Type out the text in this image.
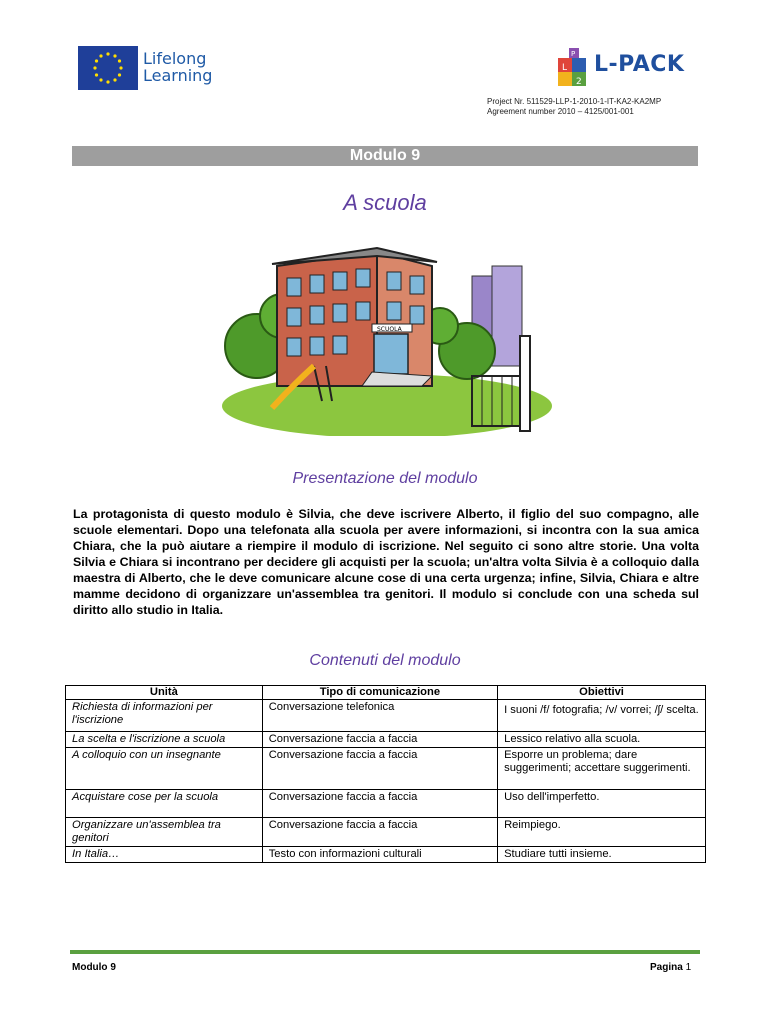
Lifelong
Learning	L
2
P L-PACK
Project Nr. 511529-LLP-1-2010-1-IT-KA2-KA2MP
Agreement number 2010 – 4125/001-001
Modulo 9
A scuola
SCUOLA
Presentazione del modulo
La protagonista di questo modulo è Silvia, che deve iscrivere Alberto, il figlio del suo compagno, alle scuole elementari. Dopo una telefonata alla scuola per avere informazioni, si incontra con la sua amica Chiara, che la può aiutare a riempire il modulo di iscrizione. Nel seguito ci sono altre storie. Una volta Silvia e Chiara si incontrano per decidere gli acquisti per la scuola; un'altra volta Silvia è a colloquio dalla maestra di Alberto, che le deve comunicare alcune cose di una certa urgenza; infine, Silvia, Chiara e altre mamme decidono di organizzare un'assemblea tra genitori. Il modulo si conclude con una scheda sul diritto allo studio in Italia.
Contenuti del modulo
Unità	Tipo di comunicazione	Obiettivi
Richiesta di informazioni per l'iscrizione	Conversazione telefonica	I suoni /f/ fotografia; /v/ vorrei; /ʃ/ scelta.
La scelta e l'iscrizione a scuola	Conversazione faccia a faccia	Lessico relativo alla scuola.
A colloquio con un insegnante	Conversazione faccia a faccia	Esporre un problema; dare suggerimenti; accettare suggerimenti.
Acquistare cose per la scuola	Conversazione faccia a faccia	Uso dell'imperfetto.
Organizzare un'assemblea tra genitori	Conversazione faccia a faccia	Reimpiego.
In Italia…	Testo con informazioni culturali	Studiare tutti insieme.
Modulo 9	Pagina 1
